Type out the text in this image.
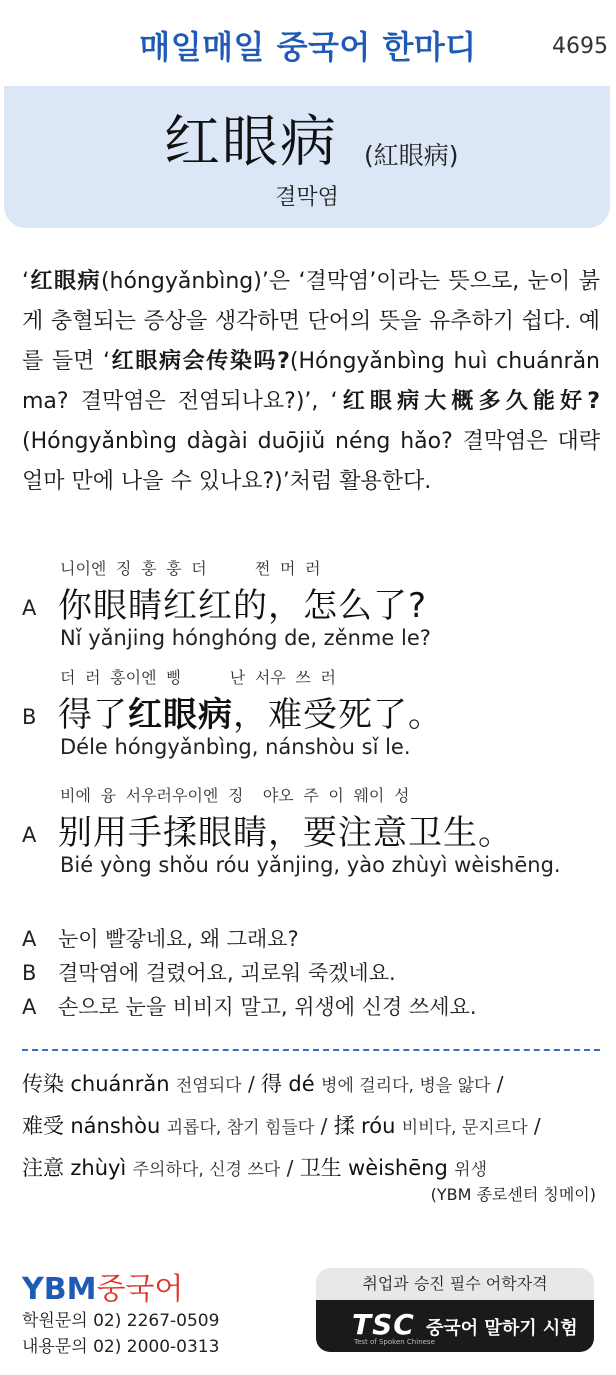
매일매일 중국어 한마디	4695
红眼病 (紅眼病)
결막염
‘红眼病(hóngyǎnbìng)’은 ‘결막염’이라는 뜻으로, 눈이 붉게 충혈되는 증상을 생각하면 단어의 뜻을 유추하기 쉽다. 예를 들면 ‘红眼病会传染吗?(Hóngyǎnbìng huì chuánrǎn ma? 결막염은 전염되나요?)’, ‘红眼病大概多久能好?(Hóngyǎnbìng dàgài duōjiǔ néng hǎo? 결막염은 대략 얼마 만에 나을 수 있나요?)’처럼 활용한다.
A
니이엔 징 훙 훙 더     쩐 머 러
你眼睛红红的，怎么了?
Nǐ yǎnjing hónghóng de, zěnme le?
B
더 러 훙이엔 삥     난 서우 쓰 러
得了红眼病，难受死了。
Déle hóngyǎnbìng, nánshòu sǐ le.
A
비에 융 서우러우이엔 징  야오 주 이 웨이 성
别用手揉眼睛，要注意卫生。
Bié yòng shǒu róu yǎnjing, yào zhùyì wèishēng.
A 눈이 빨갛네요, 왜 그래요?
B 결막염에 걸렸어요, 괴로워 죽겠네요.
A 손으로 눈을 비비지 말고, 위생에 신경 쓰세요.
传染 chuánrǎn 전염되다 / 得 dé 병에 걸리다, 병을 앓다 /
难受 nánshòu 괴롭다, 참기 힘들다 / 揉 róu 비비다, 문지르다 /
注意 zhùyì 주의하다, 신경 쓰다 / 卫生 wèishēng 위생
(YBM 종로센터 칭메이)
YBM중국어
학원문의 02) 2267-0509
내용문의 02) 2000-0313
취업과 승진 필수 어학자격
TSC
Test of Spoken Chinese
중국어 말하기 시험
